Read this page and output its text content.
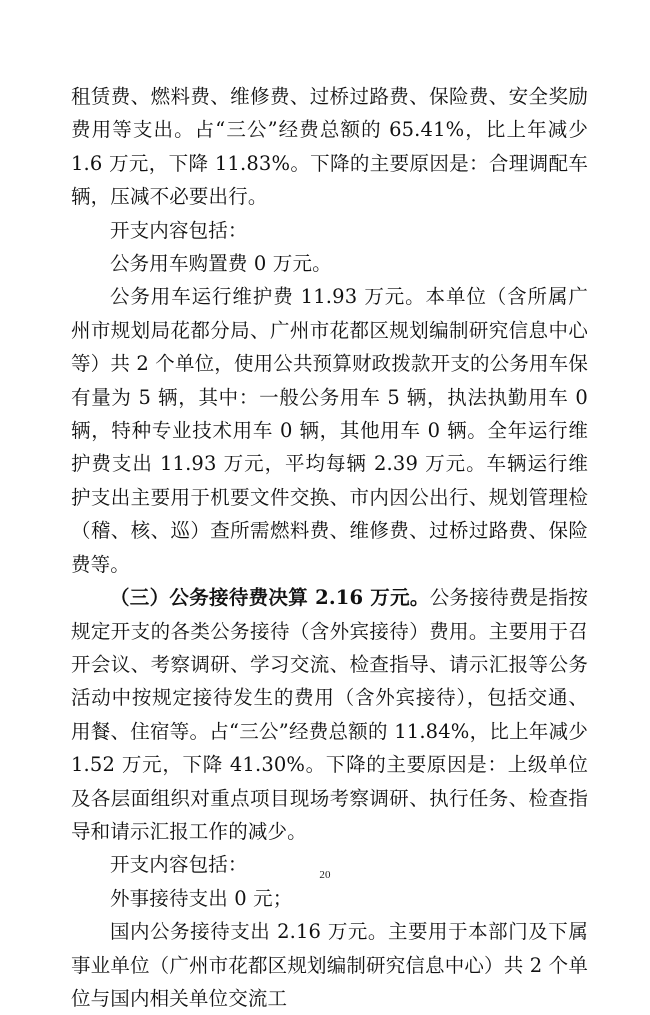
租赁费、燃料费、维修费、过桥过路费、保险费、安全奖励费用等支出。占“三公”经费总额的 65.41%，比上年减少 1.6 万元，下降 11.83%。下降的主要原因是：合理调配车辆，压减不必要出行。

开支内容包括：

公务用车购置费 0 万元。

公务用车运行维护费 11.93 万元。本单位（含所属广州市规划局花都分局、广州市花都区规划编制研究信息中心等）共 2 个单位，使用公共预算财政拨款开支的公务用车保有量为 5 辆，其中：一般公务用车 5 辆，执法执勤用车 0 辆，特种专业技术用车 0 辆，其他用车 0 辆。全年运行维护费支出 11.93 万元，平均每辆 2.39 万元。车辆运行维护支出主要用于机要文件交换、市内因公出行、规划管理检（稽、核、巡）查所需燃料费、维修费、过桥过路费、保险费等。

（三）公务接待费决算 2.16 万元。公务接待费是指按规定开支的各类公务接待（含外宾接待）费用。主要用于召开会议、考察调研、学习交流、检查指导、请示汇报等公务活动中按规定接待发生的费用（含外宾接待），包括交通、用餐、住宿等。占“三公”经费总额的 11.84%，比上年减少 1.52 万元，下降 41.30%。下降的主要原因是：上级单位及各层面组织对重点项目现场考察调研、执行任务、检查指导和请示汇报工作的减少。

开支内容包括：

外事接待支出 0 元；

国内公务接待支出 2.16 万元。主要用于本部门及下属事业单位（广州市花都区规划编制研究信息中心）共 2 个单位与国内相关单位交流工

20
